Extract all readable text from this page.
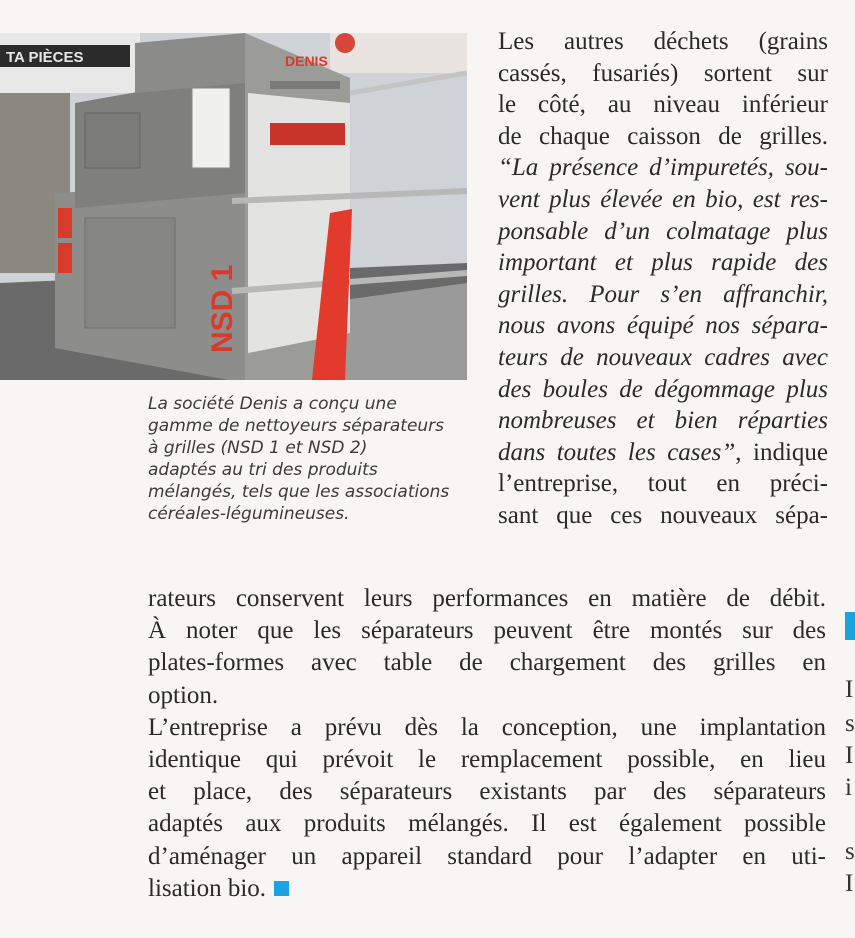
TA PIÈCES	DENIS
NSD 1
La société Denis a conçu une
gamme de nettoyeurs séparateurs
à grilles (NSD 1 et NSD 2)
adaptés au tri des produits
mélangés, tels que les associations
céréales-légumineuses.
Les autres déchets (grains
cassés, fusariés) sortent sur
le côté, au niveau inférieur
de chaque caisson de grilles.
“La présence d’impuretés, sou-
vent plus élevée en bio, est res-
ponsable d’un colmatage plus
important et plus rapide des
grilles. Pour s’en affranchir,
nous avons équipé nos sépara-
teurs de nouveaux cadres avec
des boules de dégommage plus
nombreuses et bien réparties
dans toutes les cases”, indique
l’entreprise, tout en préci-
sant que ces nouveaux sépa-
rateurs conservent leurs performances en matière de débit.
À noter que les séparateurs peuvent être montés sur des
plates-formes avec table de chargement des grilles en
option.
L’entreprise a prévu dès la conception, une implantation
identique qui prévoit le remplacement possible, en lieu
et place, des séparateurs existants par des séparateurs
adaptés aux produits mélangés. Il est également possible
d’aménager un appareil standard pour l’adapter en uti-
lisation bio.
I
s
I
i
s
I
